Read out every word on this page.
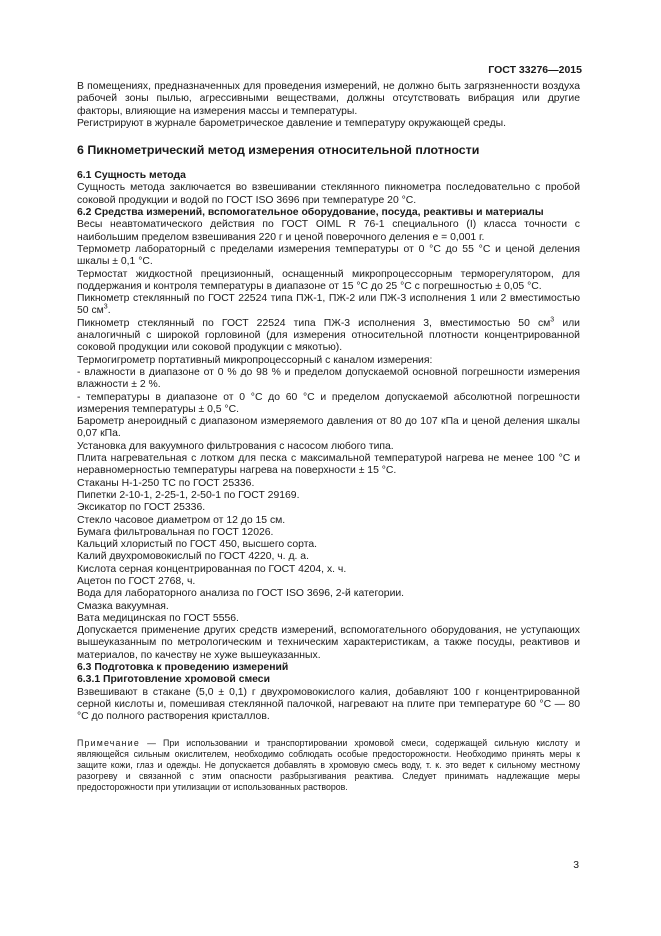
ГОСТ 33276—2015

В помещениях, предназначенных для проведения измерений, не должно быть загрязненности воздуха рабочей зоны пылью, агрессивными веществами, должны отсутствовать вибрация или другие факторы, влияющие на измерения массы и температуры.

Регистрируют в журнале барометрическое давление и температуру окружающей среды.

6 Пикнометрический метод измерения относительной плотности
6.1 Сущность метода

Сущность метода заключается во взвешивании стеклянного пикнометра последовательно с пробой соковой продукции и водой по ГОСТ ISO 3696 при температуре 20 °С.

6.2 Средства измерений, вспомогательное оборудование, посуда, реактивы и материалы

Весы неавтоматического действия по ГОСТ OIML R 76-1 специального (I) класса точности с наибольшим пределом взвешивания 220 г и ценой поверочного деления е = 0,001 г.

Термометр лабораторный с пределами измерения температуры от 0 °С до 55 °С и ценой деления шкалы ± 0,1 °С.

Термостат жидкостной прецизионный, оснащенный микропроцессорным терморегулятором, для поддержания и контроля температуры в диапазоне от 15 °С до 25 °С с погрешностью ± 0,05 °С.

Пикнометр стеклянный по ГОСТ 22524 типа ПЖ-1, ПЖ-2 или ПЖ-3 исполнения 1 или 2 вместимостью 50 $см^3$.

Пикнометр стеклянный по ГОСТ 22524 типа ПЖ-3 исполнения 3, вместимостью 50 $см^3$ или аналогичный с широкой горловиной (для измерения относительной плотности концентрированной соковой продукции или соковой продукции с мякотью).

Термогигрометр портативный микропроцессорный с каналом измерения:

- влажности в диапазоне от 0 % до 98 % и пределом допускаемой основной погрешности измерения влажности ± 2 %.

- температуры в диапазоне от 0 °С до 60 °С и пределом допускаемой абсолютной погрешности измерения температуры ± 0,5 °С.

Барометр анероидный с диапазоном измеряемого давления от 80 до 107 кПа и ценой деления шкалы 0,07 кПа.

Установка для вакуумного фильтрования с насосом любого типа.

Плита нагревательная с лотком для песка с максимальной температурой нагрева не менее 100 °С и неравномерностью температуры нагрева на поверхности ± 15 °С.

Стаканы Н-1-250 ТС по ГОСТ 25336.

Пипетки 2-10-1, 2-25-1, 2-50-1 по ГОСТ 29169.

Эксикатор по ГОСТ 25336.

Стекло часовое диаметром от 12 до 15 см.

Бумага фильтровальная по ГОСТ 12026.

Кальций хлористый по ГОСТ 450, высшего сорта.

Калий двухромовокислый по ГОСТ 4220, ч. д. а.

Кислота серная концентрированная по ГОСТ 4204, х. ч.

Ацетон по ГОСТ 2768, ч.

Вода для лабораторного анализа по ГОСТ ISO 3696, 2-й категории.

Смазка вакуумная.

Вата медицинская по ГОСТ 5556.

Допускается применение других средств измерений, вспомогательного оборудования, не уступающих вышеуказанным по метрологическим и техническим характеристикам, а также посуды, реактивов и материалов, по качеству не хуже вышеуказанных.

6.3 Подготовка к проведению измерений
6.3.1 Приготовление хромовой смеси

Взвешивают в стакане (5,0 ± 0,1) г двухромовокислого калия, добавляют 100 г концентрированной серной кислоты и, помешивая стеклянной палочкой, нагревают на плите при температуре 60 °С — 80 °С до полного растворения кристаллов.

Примечание — При использовании и транспортировании хромовой смеси, содержащей сильную кислоту и являющейся сильным окислителем, необходимо соблюдать особые предосторожности. Необходимо принять меры к защите кожи, глаз и одежды. Не допускается добавлять в хромовую смесь воду, т. к. это ведет к сильному местному разогреву и связанной с этим опасности разбрызгивания реактива. Следует принимать надлежащие меры предосторожности при утилизации от использованных растворов.
3
